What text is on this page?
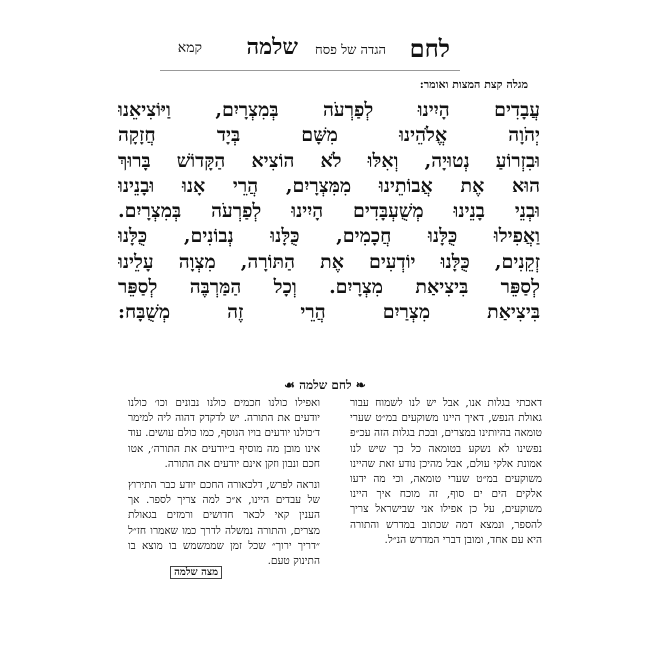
לחם
הגדה של פסח
שלמה
קמא
מגלה קצת המצות ואומר:
עֲבָדִים הָיִינוּ לְפַרְעֹה בְּמִצְרָיִם, וַיּוֹצִיאֵנוּ
יְהֹוָה אֱלֹהֵינוּ מִשָּׁם בְּיָד חֲזָקָה
וּבִזְרוֹעַ נְטוּיָה, וְאִלּוּ לֹא הוֹצִיא הַקָּדוֹשׁ בָּרוּךְ
הוּא אֶת אֲבוֹתֵינוּ מִמִּצְרָיִם, הֲרֵי אָנוּ וּבָנֵינוּ
וּבְנֵי בָנֵינוּ מְשֻׁעְבָּדִים הָיִינוּ לְפַרְעֹה בְּמִצְרָיִם.
וַאֲפִילוּ כֻּלָּנוּ חֲכָמִים, כֻּלָּנוּ נְבוֹנִים, כֻּלָּנוּ
זְקֵנִים, כֻּלָּנוּ יוֹדְעִים אֶת הַתּוֹרָה, מִצְוָה עָלֵינוּ
לְסַפֵּר בִּיצִיאַת מִצְרָיִם. וְכָל הַמַּרְבֶּה לְסַפֵּר
בִּיצִיאַת מִצְרַיִם הֲרֵי זֶה מְשֻׁבָּח:
❧ לחם שלמה ☙

דאכתי בגלות אנו, אבל יש לנו לשמוח עבור גאולת הנפש, דאיך היינו משוקעים במ״ט שערי טומאה בהיותינו במצרים, ובכת בגלות הזה עכ״פ נפשינו לא נשקע בטומאה כל כך שיש לנו אמונת אלקי עולם, אבל מהיכן נודע זאת שהיינו משוקעים במ״ט שערי טומאה, וכי מה ידעו אלקים הים ים סוף, זה מוכח איך היינו משוקעים, על כן אפילו אני שבישראל צריך להספר, ונמצא דמה שכתוב במדרש והתורה היא עם אחד, ומובן דברי המדרש הנ״ל.

ואפילו כולנו חכמים כולנו נבונים וכו׳ כולנו יודעים את התורה. יש לדקדק דהוה ליה למימר ד׳כולנו יודעים בויו הנוסף, כמו כולם עושים. עוד אינו מובן מה מוסיף ב׳יודעים את התורה׳, אטו חכם ונבון וזקן אינם יודעים את התורה.

ונראה לפרש, דלכאורה החכם יודע כבר התירוץ של עבדים היינו, א״כ למה צריך לספר. אך הענין קאי לכאר חדושים ורמזים בגאולת מצרים, והתורה נמשלה לדרך כמו שאמרו חז״ל ״דריך ירוך״ שכל זמן שממשמש בו מוצא בו התינוק טעם.

מצה שלמה
